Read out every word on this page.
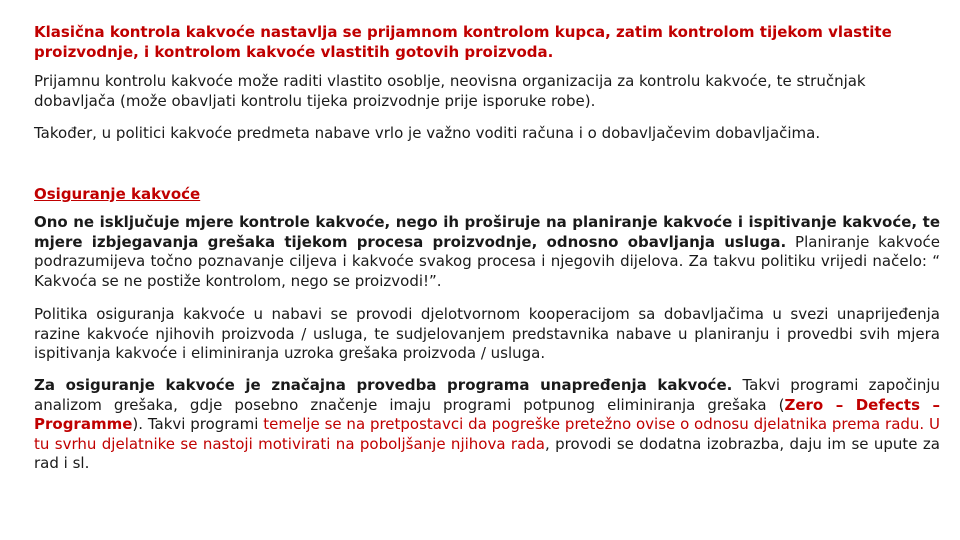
Klasična kontrola kakvoće nastavlja se prijamnom kontrolom kupca, zatim kontrolom tijekom vlastite proizvodnje, i kontrolom kakvoće vlastitih gotovih proizvoda.

Prijamnu kontrolu kakvoće može raditi vlastito osoblje, neovisna organizacija za kontrolu kakvoće, te stručnjak dobavljača (može obavljati kontrolu tijeka proizvodnje prije isporuke robe).

Također, u politici kakvoće predmeta nabave vrlo je važno voditi računa i o dobavljačevim dobavljačima.

Osiguranje kakvoće

Ono ne isključuje mjere kontrole kakvoće, nego ih proširuje na planiranje kakvoće i ispitivanje kakvoće, te mjere izbjegavanja grešaka tijekom procesa proizvodnje, odnosno obavljanja usluga. Planiranje kakvoće podrazumijeva točno poznavanje ciljeva i kakvoće svakog procesa i njegovih dijelova. Za takvu politiku vrijedi načelo: “ Kakvoća se ne postiže kontrolom, nego se proizvodi!”.

Politika osiguranja kakvoće u nabavi se provodi djelotvornom kooperacijom sa dobavljačima u svezi unaprijeđenja razine kakvoće njihovih proizvoda / usluga, te sudjelovanjem predstavnika nabave u planiranju i provedbi svih mjera ispitivanja kakvoće i eliminiranja uzroka grešaka proizvoda / usluga.

Za osiguranje kakvoće je značajna provedba programa unapređenja kakvoće. Takvi programi započinju analizom grešaka, gdje posebno značenje imaju programi potpunog eliminiranja grešaka (Zero – Defects – Programme). Takvi programi temelje se na pretpostavci da pogreške pretežno ovise o odnosu djelatnika prema radu. U tu svrhu djelatnike se nastoji motivirati na poboljšanje njihova rada, provodi se dodatna izobrazba, daju im se upute za rad i sl.
